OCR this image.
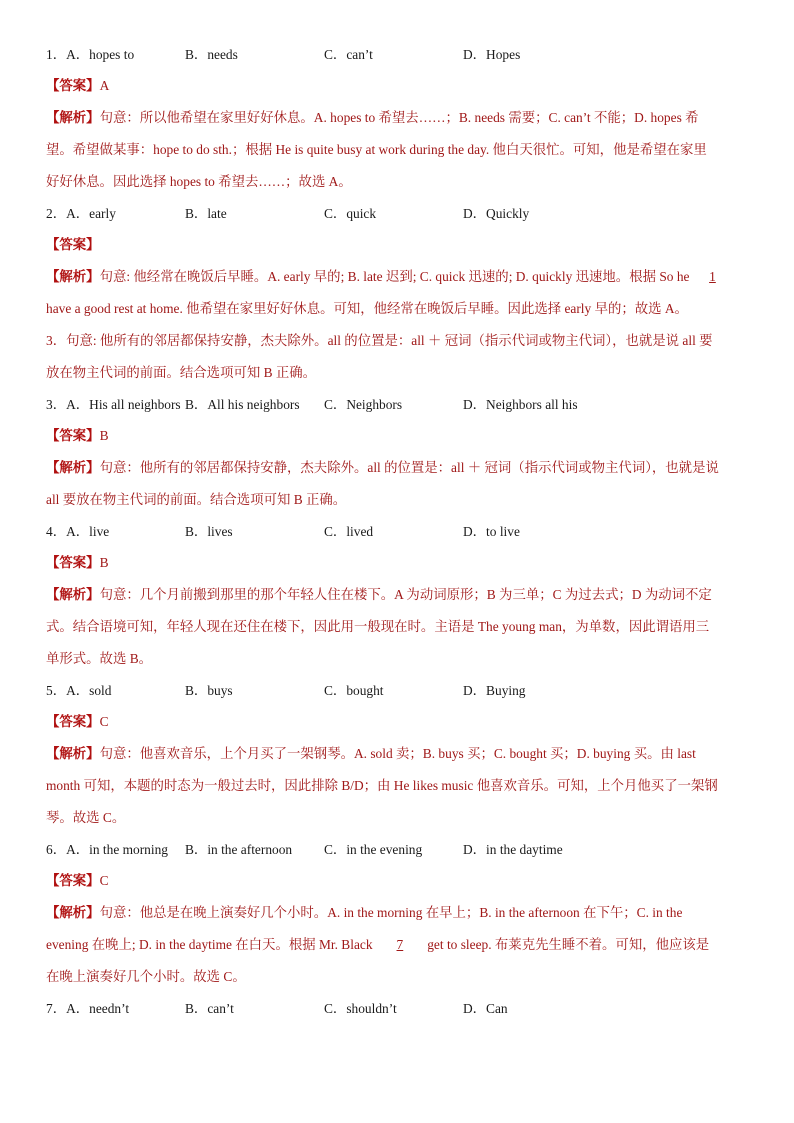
1．A．hopes to	B．needs	C．can’t	D．Hopes
【答案】A
【解析】句意：所以他希望在家里好好休息。A. hopes to 希望去……；B. needs 需要；C. can’t 不能；D. hopes 希
望。希望做某事：hope to do sth.；根据 He is quite busy at work during the day. 他白天很忙。可知，他是希望在家里
好好休息。因此选择 hopes to 希望去……；故选 A。
2．A．early	B．late	C．quick	D．Quickly
【答案】
【解析】句意: 他经常在晚饭后早睡。A. early 早的; B. late 迟到; C. quick 迅速的; D. quickly 迅速地。根据 So he 1
have a good rest at home. 他希望在家里好好休息。可知，他经常在晚饭后早睡。因此选择 early 早的；故选 A。
3．句意: 他所有的邻居都保持安静，杰夫除外。all 的位置是：all ＋ 冠词（指示代词或物主代词），也就是说 all 要
放在物主代词的前面。结合选项可知 B 正确。
3．A．His all neighbors B．All his neighbors C．Neighbors	D．Neighbors all his
【答案】B
【解析】句意：他所有的邻居都保持安静，杰夫除外。all 的位置是：all ＋ 冠词（指示代词或物主代词），也就是说
all 要放在物主代词的前面。结合选项可知 B 正确。
4．A．live	B．lives	C．lived	D．to live
【答案】B
【解析】句意：几个月前搬到那里的那个年轻人住在楼下。A 为动词原形；B 为三单；C 为过去式；D 为动词不定
式。结合语境可知，年轻人现在还住在楼下，因此用一般现在时。主语是 The young man，为单数，因此谓语用三
单形式。故选 B。
5．A．sold	B．buys	C．bought	D．Buying
【答案】C
【解析】句意：他喜欢音乐，上个月买了一架钢琴。A. sold 卖；B. buys 买；C. bought 买；D. buying 买。由 last
month 可知，本题的时态为一般过去时，因此排除 B/D；由 He likes music 他喜欢音乐。可知，上个月他买了一架钢
琴。故选 C。
6．A．in the morning B．in the afternoon C．in the evening	D．in the daytime
【答案】C
【解析】句意：他总是在晚上演奏好几个小时。A. in the morning 在早上；B. in the afternoon 在下午；C. in the
evening 在晚上; D. in the daytime 在白天。根据 Mr. Black 7 get to sleep. 布莱克先生睡不着。可知，他应该是
在晚上演奏好几个小时。故选 C。
7．A．needn’t	B．can’t	C．shouldn’t	D．Can
